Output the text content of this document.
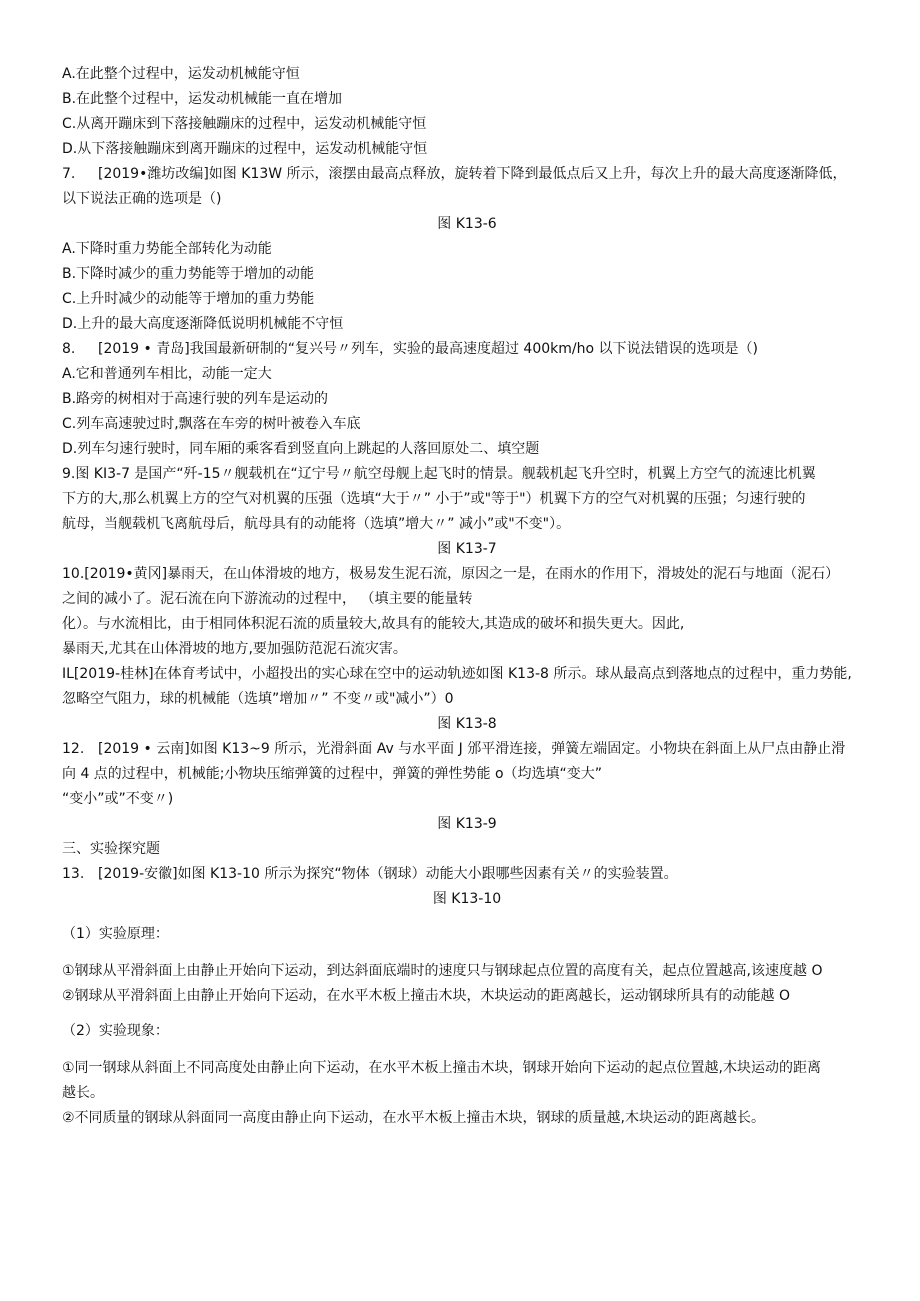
A.在此整个过程中，运发动机械能守恒
B.在此整个过程中，运发动机械能一直在增加
C.从离开蹦床到下落接触蹦床的过程中，运发动机械能守恒
D.从下落接触蹦床到离开蹦床的过程中，运发动机械能守恒
7. [2019•潍坊改编]如图 K13W 所示，滚摆由最高点释放，旋转着下降到最低点后又上升，每次上升的最大高度逐渐降低，
以下说法正确的选项是（)
图 K13-6
A.下降时重力势能全部转化为动能
B.下降时减少的重力势能等于增加的动能
C.上升时减少的动能等于增加的重力势能
D.上升的最大高度逐渐降低说明机械能不守恒
8. [2019 • 青岛]我国最新研制的“复兴号〃列车，实验的最高速度超过 400km/ho 以下说法错误的选项是（)
A.它和普通列车相比，动能一定大
B.路旁的树相对于高速行驶的列车是运动的
C.列车高速驶过时,飘落在车旁的树叶被卷入车底
D.列车匀速行驶时，同车厢的乘客看到竖直向上跳起的人落回原处二、填空题
9.图 KI3-7 是国产“歼-15〃舰载机在“辽宁号〃航空母舰上起飞时的情景。舰载机起飞升空时，机翼上方空气的流速比机翼
下方的大,那么机翼上方的空气对机翼的压强（选填“大于〃” 小于”或"等于"）机翼下方的空气对机翼的压强；匀速行驶的
航母，当舰载机飞离航母后，航母具有的动能将（选填”增大〃” 减小”或"不变"）。
图 K13-7
10.[2019•黄冈]暴雨天，在山体滑坡的地方，极易发生泥石流，原因之一是，在雨水的作用下，滑坡处的泥石与地面（泥石）
之间的减小了。泥石流在向下游流动的过程中， （填主要的能量转
化）。与水流相比，由于相同体积泥石流的质量较大,故具有的能较大,其造成的破坏和损失更大。因此,
暴雨天,尤其在山体滑坡的地方,要加强防范泥石流灾害。
IL[2019-桂林]在体育考试中，小超投出的实心球在空中的运动轨迹如图 K13-8 所示。球从最高点到落地点的过程中，重力势能,
忽略空气阻力，球的机械能（选填”增加〃” 不变〃或"减小”）0
图 K13-8
12. [2019 • 云南]如图 K13~9 所示，光滑斜面 Av 与水平面 J 邠平滑连接，弹簧左端固定。小物块在斜面上从尸点由静止滑
向 4 点的过程中，机械能;小物块压缩弹簧的过程中，弹簧的弹性势能 o（均选填“变大”
“变小”或”不变〃)
图 K13-9
三、实验探究题
13. [2019-安徽]如图 K13-10 所示为探究“物体（钢球）动能大小跟哪些因素有关〃的实验装置。
图 K13-10
（1）实验原理：
①钢球从平滑斜面上由静止开始向下运动，到达斜面底端时的速度只与钢球起点位置的高度有关，起点位置越高,该速度越 O
②钢球从平滑斜面上由静止开始向下运动，在水平木板上撞击木块，木块运动的距离越长，运动钢球所具有的动能越 O
（2）实验现象：
①同一钢球从斜面上不同高度处由静止向下运动，在水平木板上撞击木块，钢球开始向下运动的起点位置越,木块运动的距离
越长。
②不同质量的钢球从斜面同一高度由静止向下运动，在水平木板上撞击木块，钢球的质量越,木块运动的距离越长。
